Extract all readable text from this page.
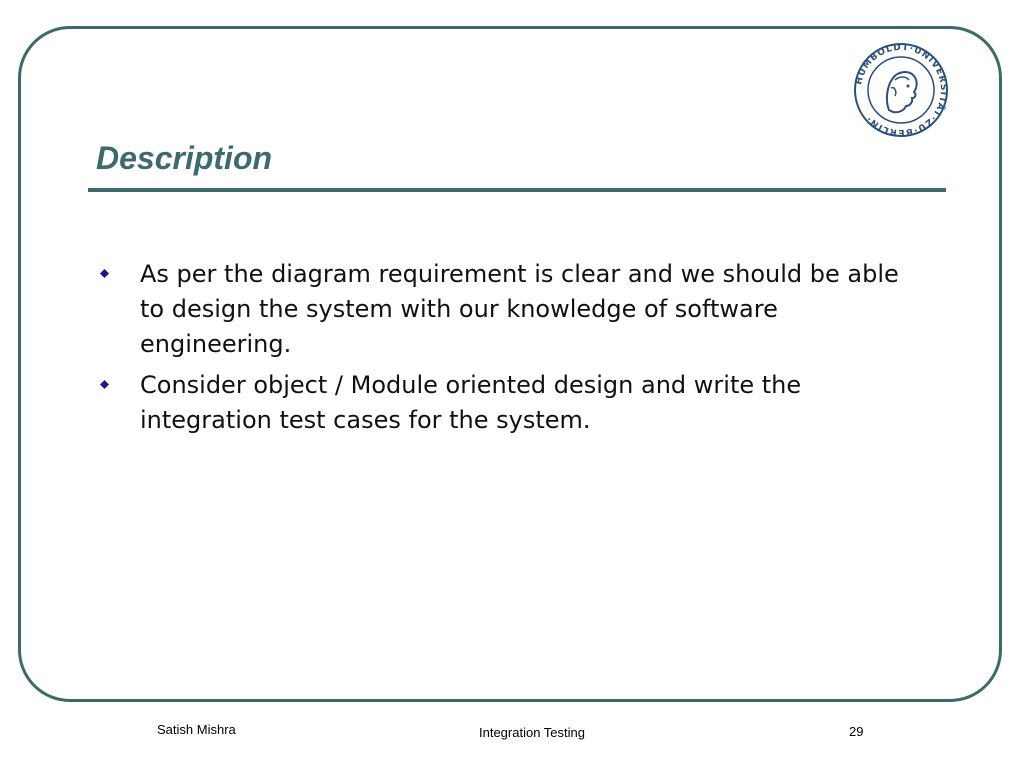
HUMBOLDT·UNIVERSITÄT·ZU·BERLIN·
Description
As per the diagram requirement is clear and we should be able to design the system with our knowledge of software engineering.
Consider object / Module oriented design and write the integration test cases for the system.
Satish Mishra	Integration Testing	29
